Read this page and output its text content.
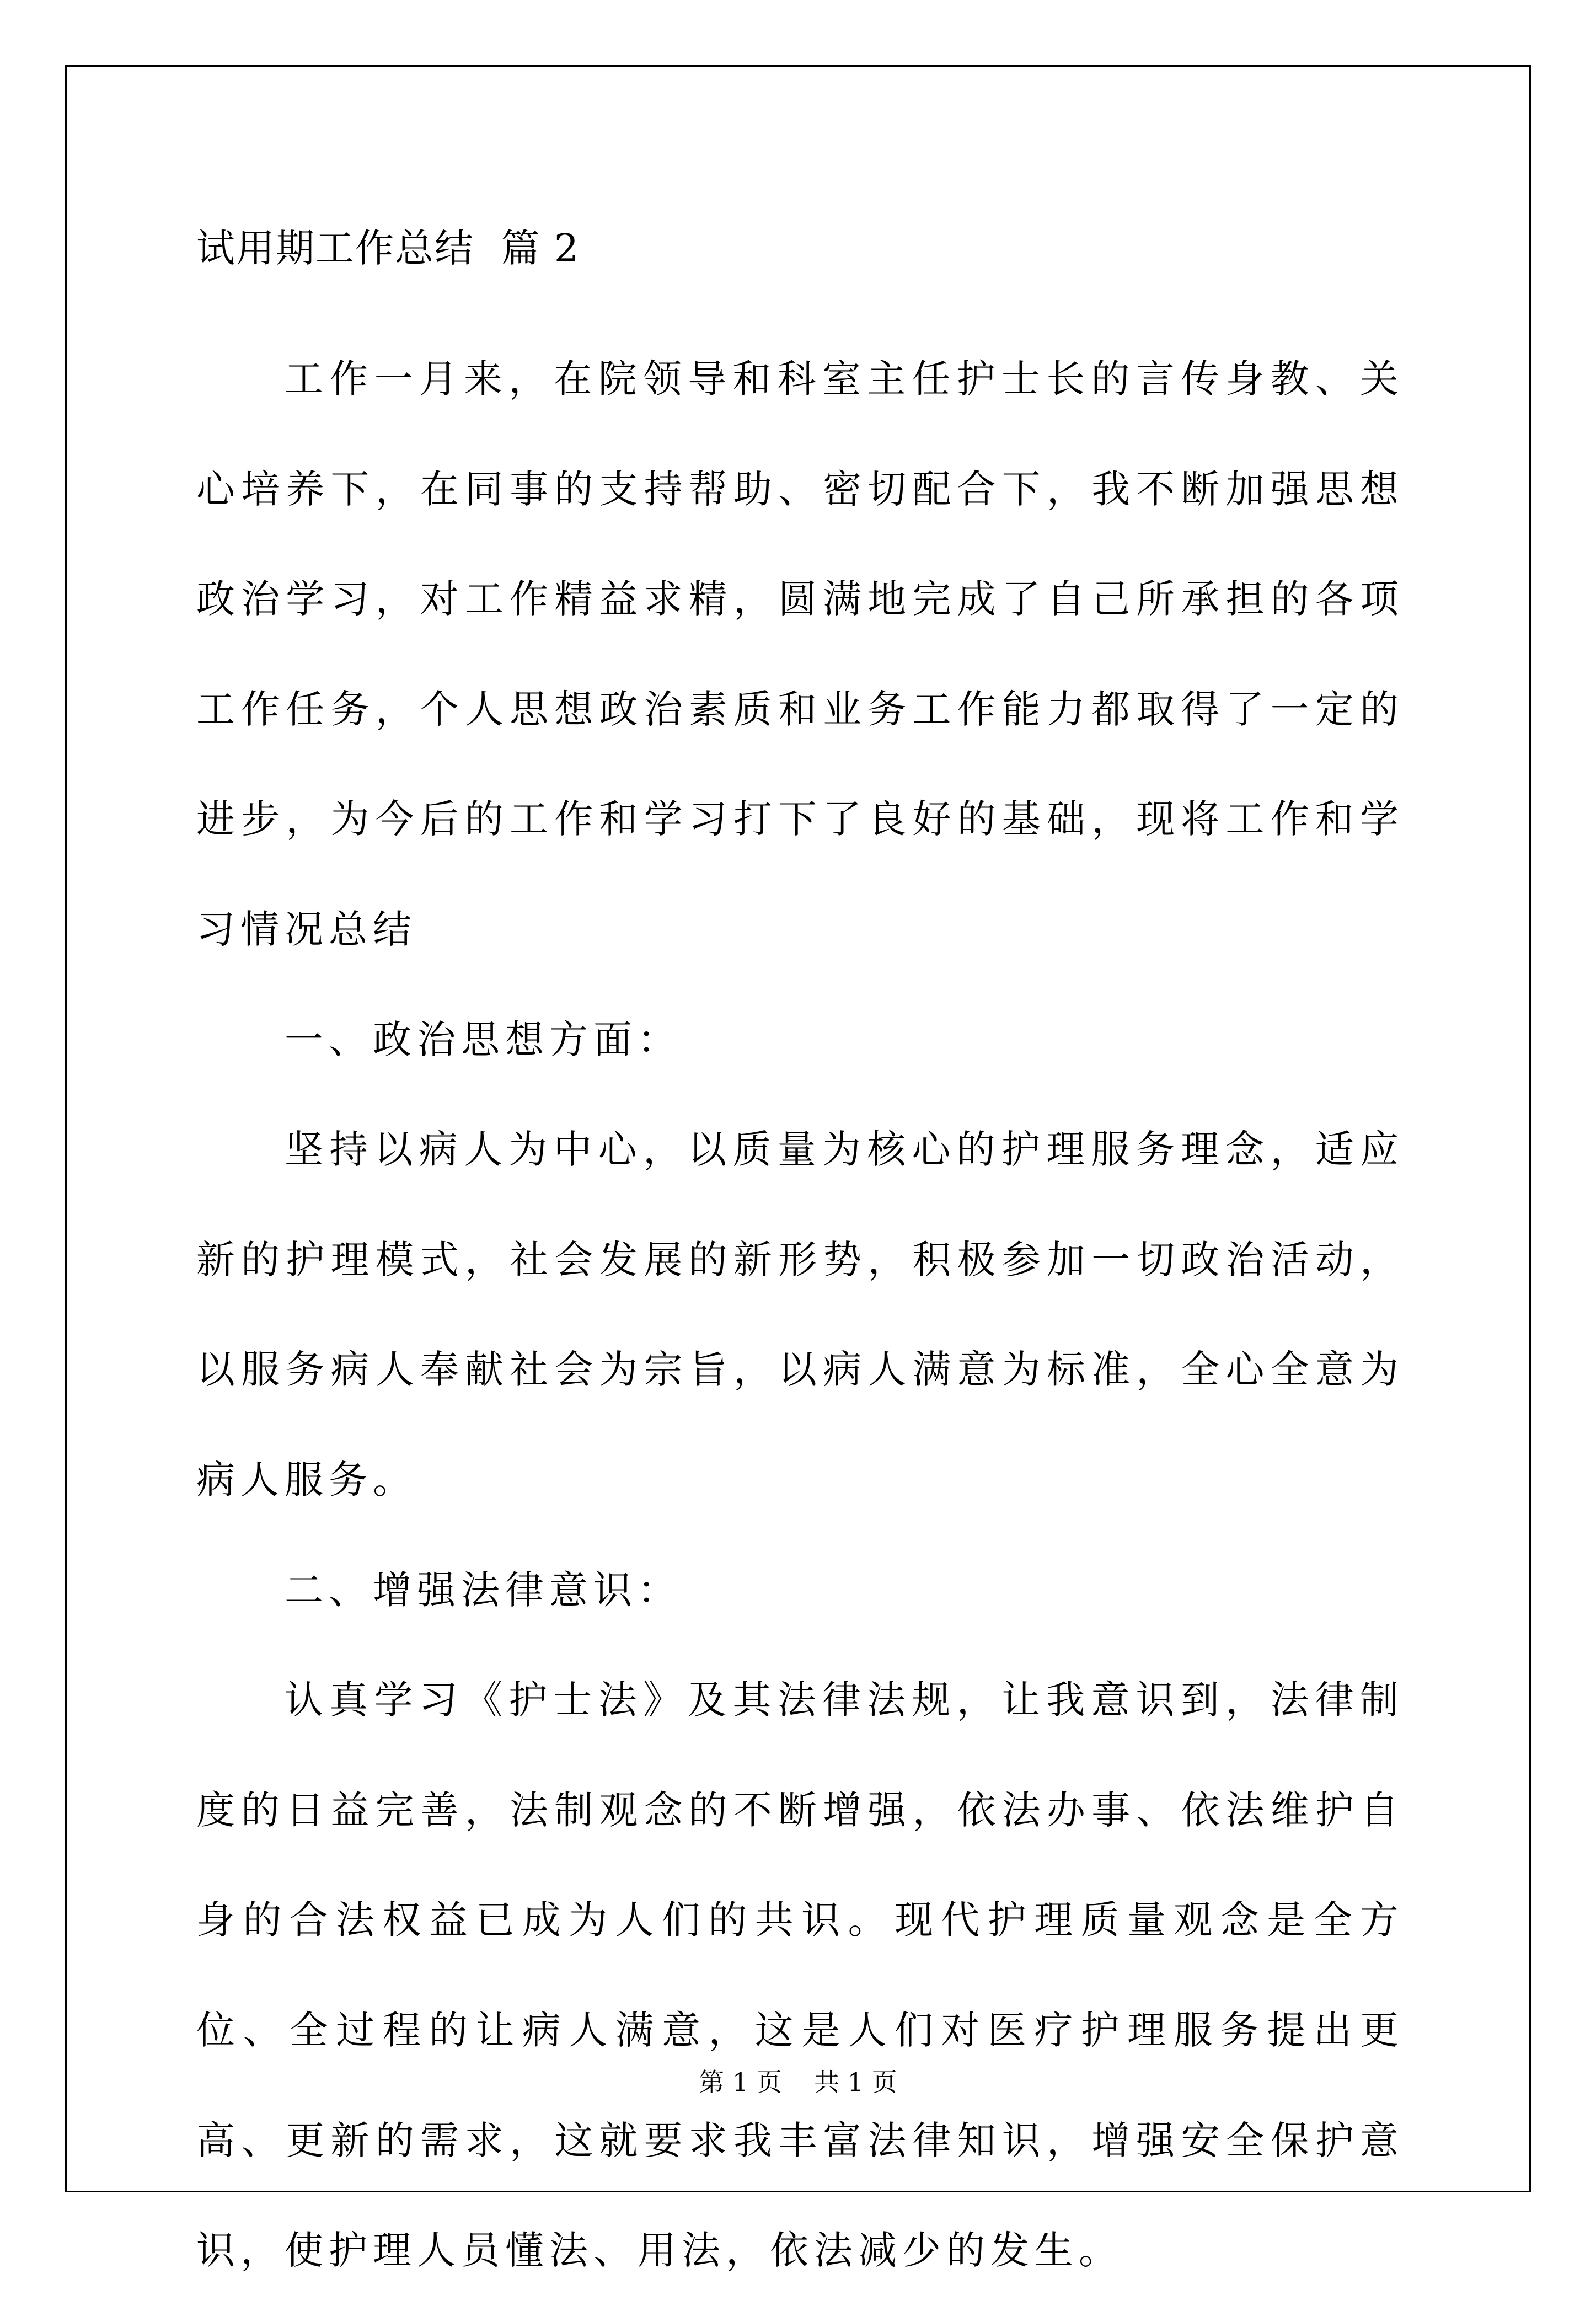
试用期工作总结  篇 2

工作一月来，在院领导和科室主任护士长的言传身教、关心培养下，在同事的支持帮助、密切配合下，我不断加强思想政治学习，对工作精益求精，圆满地完成了自己所承担的各项工作任务，个人思想政治素质和业务工作能力都取得了一定的进步，为今后的工作和学习打下了良好的基础，现将工作和学习情况总结

一、政治思想方面：

坚持以病人为中心，以质量为核心的护理服务理念，适应新的护理模式，社会发展的新形势，积极参加一切政治活动，以服务病人奉献社会为宗旨，以病人满意为标准，全心全意为病人服务。

二、增强法律意识：

认真学习《护士法》及其法律法规，让我意识到，法律制度的日益完善，法制观念的不断增强，依法办事、依法维护自身的合法权益已成为人们的共识。现代护理质量观念是全方位、全过程的让病人满意，这是人们对医疗护理服务提出更高、更新的需求，这就要求我丰富法律知识，增强安全保护意识，使护理人员懂法、用法，依法减少的发生。

第 1 页    共 1 页
